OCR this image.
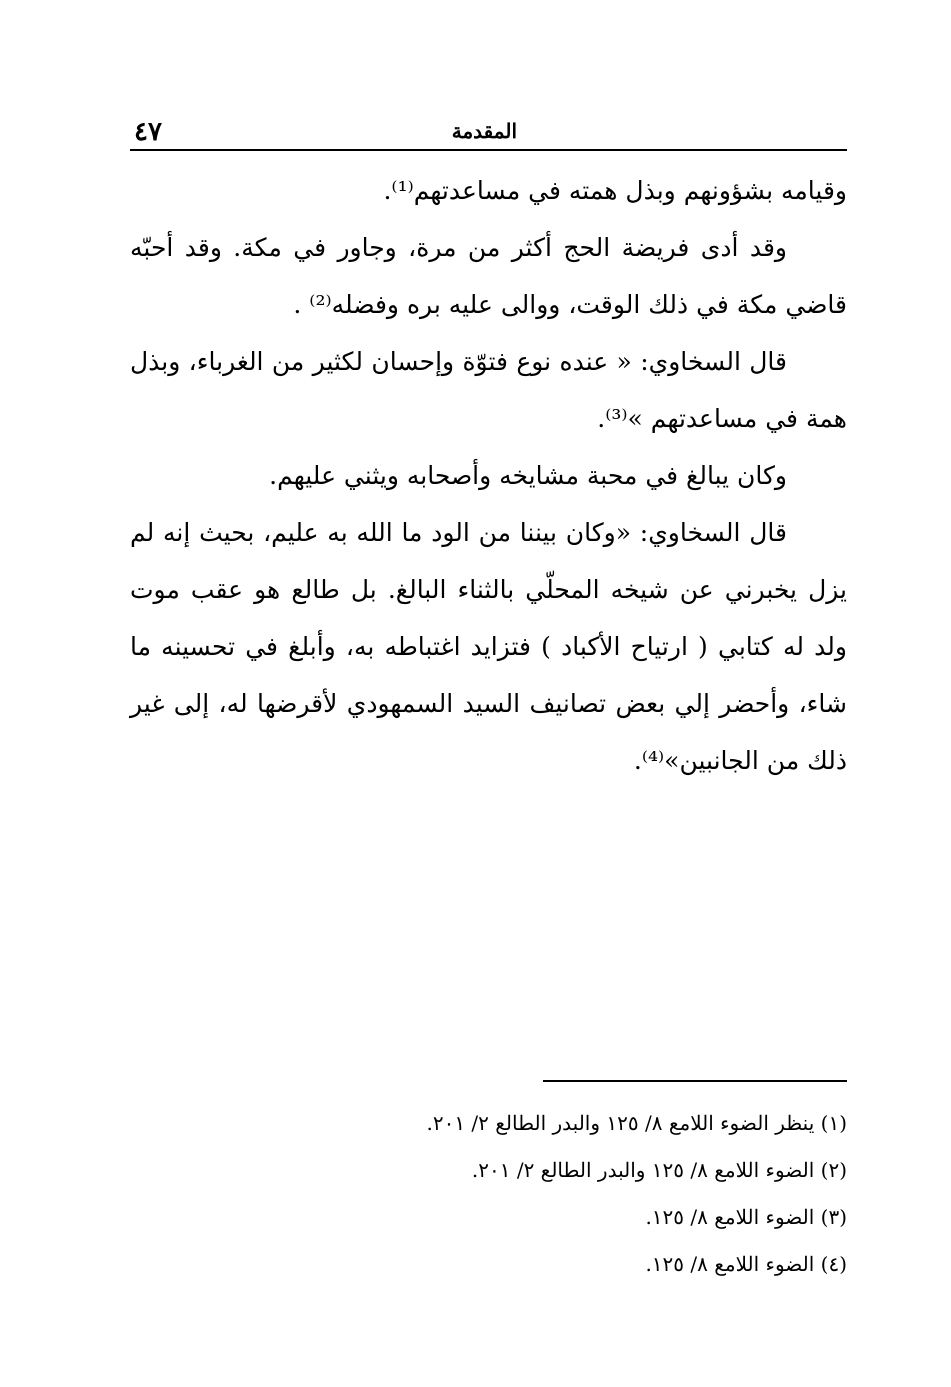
المقدمة
٤٧

وقيامه بشؤونهم وبذل همته في مساعدتهم⁽¹⁾.

وقد أدى فريضة الحج أكثر من مرة، وجاور في مكة. وقد أحبّه قاضي مكة في ذلك الوقت، ووالى عليه بره وفضله⁽²⁾ .

قال السخاوي: « عنده نوع فتوّة وإحسان لكثير من الغرباء، وبذل همة في مساعدتهم »⁽³⁾.

وكان يبالغ في محبة مشايخه وأصحابه ويثني عليهم.

قال السخاوي: «وكان بيننا من الود ما الله به عليم، بحيث إنه لم يزل يخبرني عن شيخه المحلّي بالثناء البالغ. بل طالع هو عقب موت ولد له كتابي ( ارتياح الأكباد ) فتزايد اغتباطه به، وأبلغ في تحسينه ما شاء، وأحضر إلي بعض تصانيف السيد السمهودي لأقرضها له، إلى غير ذلك من الجانبين»⁽⁴⁾.

(١) ينظر الضوء اللامع ٨/ ١٢٥ والبدر الطالع ٢/ ٢٠١.

(٢) الضوء اللامع ٨/ ١٢٥ والبدر الطالع ٢/ ٢٠١.

(٣) الضوء اللامع ٨/ ١٢٥.

(٤) الضوء اللامع ٨/ ١٢٥.
